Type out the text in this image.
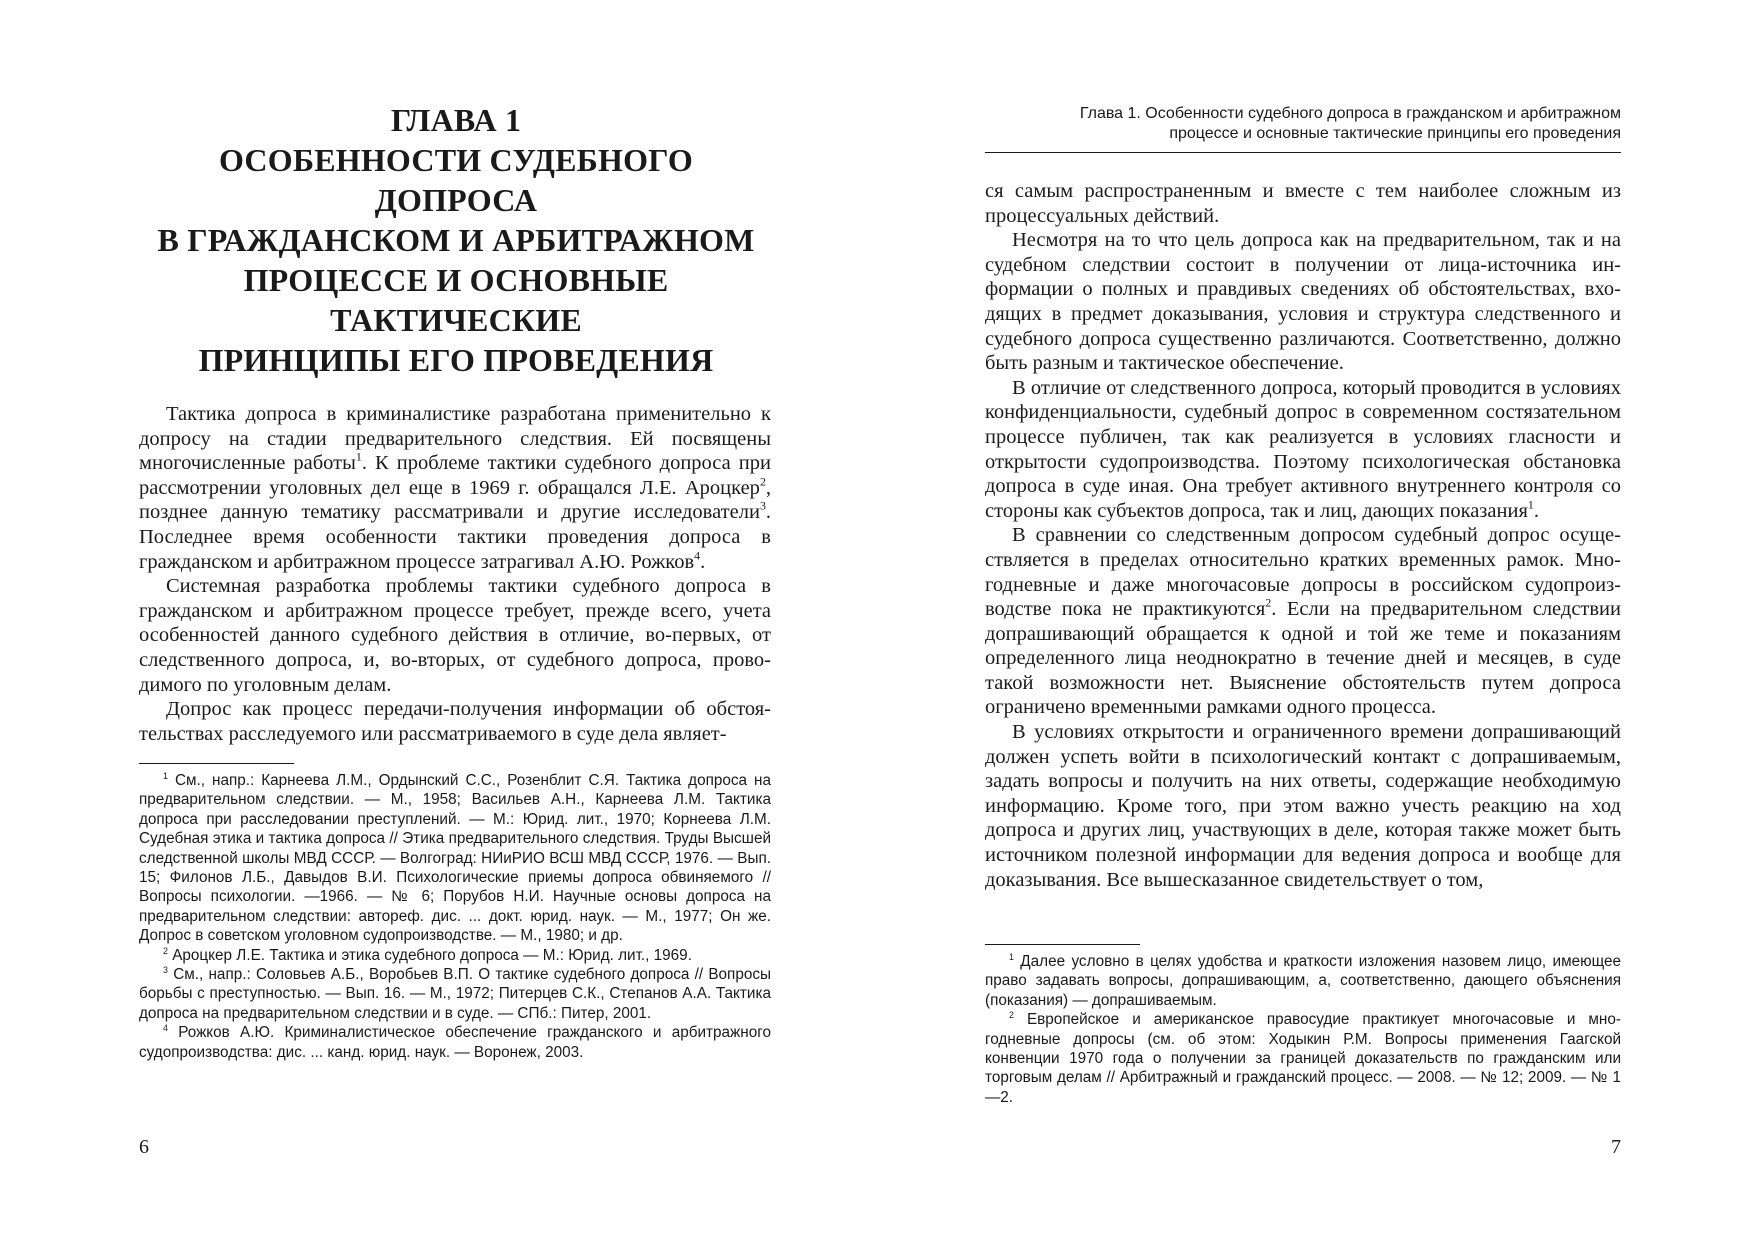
ГЛАВА 1
ОСОБЕННОСТИ СУДЕБНОГО ДОПРОСА
В ГРАЖДАНСКОМ И АРБИТРАЖНОМ
ПРОЦЕССЕ И ОСНОВНЫЕ ТАКТИЧЕСКИЕ
ПРИНЦИПЫ ЕГО ПРОВЕДЕНИЯ

Тактика допроса в криминалистике разработана применительно к допросу на стадии предварительного следствия. Ей посвящены многочисленные работы$^1$. К проблеме тактики судебного допроса при рассмотрении уголовных дел еще в 1969 г. обращался Л.Е. Арoцкер$^2$, позднее данную тематику рассматривали и другие исследователи$^3$. Последнее время особенности тактики проведения допроса в гражданском и арбитражном процессе затрагивал А.Ю. Рожков$^4$.

Системная разработка проблемы тактики судебного допроса в гражданском и арбитражном процессе требует, прежде всего, учета особенностей данного судебного действия в отличие, во-первых, от следственного допроса, и, во-вторых, от судебного допроса, проводимого по уголовным делам.

Допрос как процесс передачи-получения информации об обстоятельствах расследуемого или рассматриваемого в суде дела являет-

$^1$ См., напр.: Карнеева Л.М., Ордынский С.С., Розенблит С.Я. Тактика допроса на предварительном следствии. — М., 1958; Васильев А.Н., Карнеева Л.М. Тактика допроса при расследовании преступлений. — М.: Юрид. лит., 1970; Корнеева Л.М. Судебная этика и тактика допроса // Этика предварительного следствия. Труды Высшей следственной школы МВД СССР. — Волгоград: НИиРИО ВСШ МВД СССР, 1976. — Вып. 15; Филонов Л.Б., Давыдов В.И. Психологические приемы допроса обвиняемого // Вопросы психологии. —1966. — № 6; Порубов Н.И. Научные основы допроса на предварительном следствии: автореф. дис. ... докт. юрид. наук. — М., 1977; Он же. Допрос в советском уголовном судопроизводстве. — М., 1980; и др.

$^2$ Арoцкер Л.Е. Тактика и этика судебного допроса — М.: Юрид. лит., 1969.

$^3$ См., напр.: Соловьев А.Б., Воробьев В.П. О тактике судебного допроса // Вопросы борьбы с преступностью. — Вып. 16. — М., 1972; Питерцев С.К., Степанов А.А. Тактика допроса на предварительном следствии и в суде. — СПб.: Питер, 2001.

$^4$ Рожков А.Ю. Криминалистическое обеспечение гражданского и арбитражного судопроизводства: дис. ... канд. юрид. наук. — Воронеж, 2003.

6
Глава 1. Особенности судебного допроса в гражданском и арбитражном
процессе и основные тактические принципы его проведения

ся самым распространенным и вместе с тем наиболее сложным из процессуальных действий.

Несмотря на то что цель допроса как на предварительном, так и на судебном следствии состоит в получении от лица-источника информации о полных и правдивых сведениях об обстоятельствах, входящих в предмет доказывания, условия и структура следственного и судебного допроса существенно различаются. Соответственно, должно быть разным и тактическое обеспечение.

В отличие от следственного допроса, который проводится в условиях конфиденциальности, судебный допрос в современном состязательном процессе публичен, так как реализуется в условиях гласности и открытости судопроизводства. Поэтому психологическая обстановка допроса в суде иная. Она требует активного внутреннего контроля со стороны как субъектов допроса, так и лиц, дающих показания$^1$.

В сравнении со следственным допросом судебный допрос осуществляется в пределах относительно кратких временных рамок. Многодневные и даже многочасовые допросы в российском судопроизводстве пока не практикуются$^2$. Если на предварительном следствии допрашивающий обращается к одной и той же теме и показаниям определенного лица неоднократно в течение дней и месяцев, в суде такой возможности нет. Выяснение обстоятельств путем допроса ограничено временными рамками одного процесса.

В условиях открытости и ограниченного времени допрашивающий должен успеть войти в психологический контакт с допрашиваемым, задать вопросы и получить на них ответы, содержащие необходимую информацию. Кроме того, при этом важно учесть реакцию на ход допроса и других лиц, участвующих в деле, которая также может быть источником полезной информации для ведения допроса и вообще для доказывания. Все вышесказанное свидетельствует о том,

$^1$ Далее условно в целях удобства и краткости изложения назовем лицо, имеющее право задавать вопросы, допрашивающим, а, соответственно, дающего объяснения (показания) — допрашиваемым.

$^2$ Европейское и американское правосудие практикует многочасовые и многодневные допросы (см. об этом: Ходыкин Р.М. Вопросы применения Гаагской конвенции 1970 года о получении за границей доказательств по гражданским или торговым делам // Арбитражный и гражданский процесс. — 2008. — № 12; 2009. — № 1—2.

7
